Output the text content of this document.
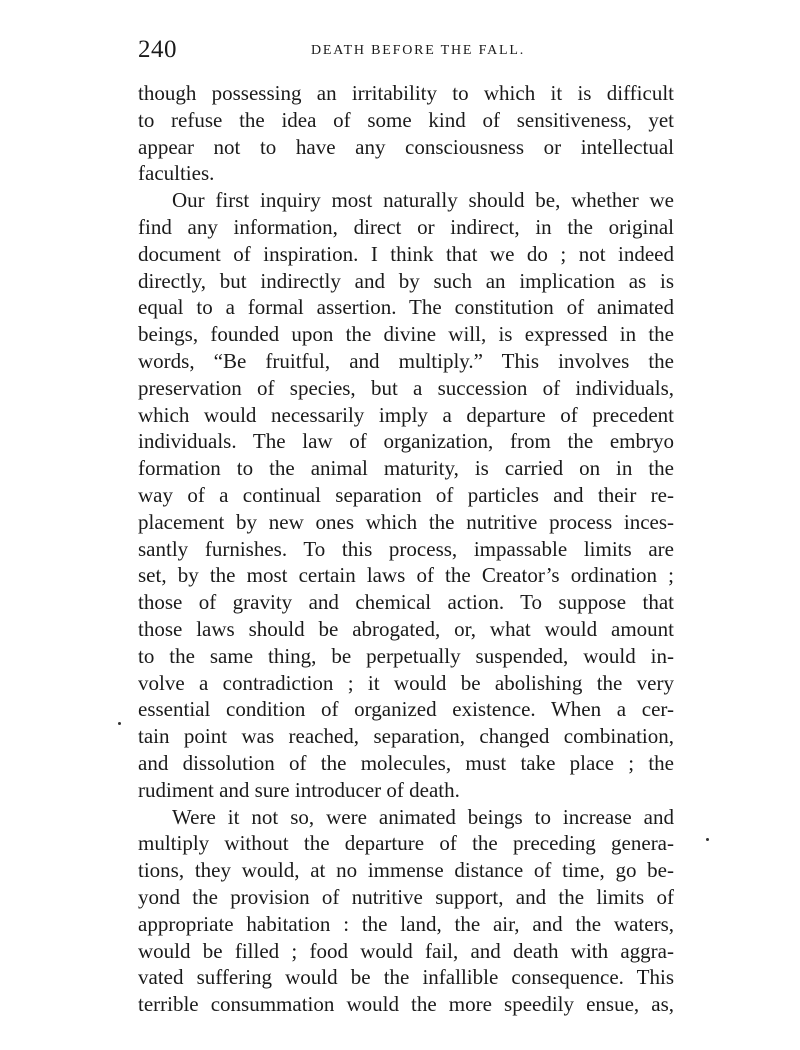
240	DEATH BEFORE THE FALL.
though possessing an irritability to which it is difficult
to refuse the idea of some kind of sensitiveness, yet
appear not to have any consciousness or intellectual
faculties.
Our first inquiry most naturally should be, whether we
find any information, direct or indirect, in the original
document of inspiration. I think that we do ; not indeed
directly, but indirectly and by such an implication as is
equal to a formal assertion. The constitution of animated
beings, founded upon the divine will, is expressed in the
words, “Be fruitful, and multiply.” This involves the
preservation of species, but a succession of individuals,
which would necessarily imply a departure of precedent
individuals. The law of organization, from the embryo
formation to the animal maturity, is carried on in the
way of a continual separation of particles and their re-
placement by new ones which the nutritive process inces-
santly furnishes. To this process, impassable limits are
set, by the most certain laws of the Creator’s ordination ;
those of gravity and chemical action. To suppose that
those laws should be abrogated, or, what would amount
to the same thing, be perpetually suspended, would in-
volve a contradiction ; it would be abolishing the very
essential condition of organized existence. When a cer-
tain point was reached, separation, changed combination,
and dissolution of the molecules, must take place ; the
rudiment and sure introducer of death.
Were it not so, were animated beings to increase and
multiply without the departure of the preceding genera-
tions, they would, at no immense distance of time, go be-
yond the provision of nutritive support, and the limits of
appropriate habitation : the land, the air, and the waters,
would be filled ; food would fail, and death with aggra-
vated suffering would be the infallible consequence. This
terrible consummation would the more speedily ensue, as,
